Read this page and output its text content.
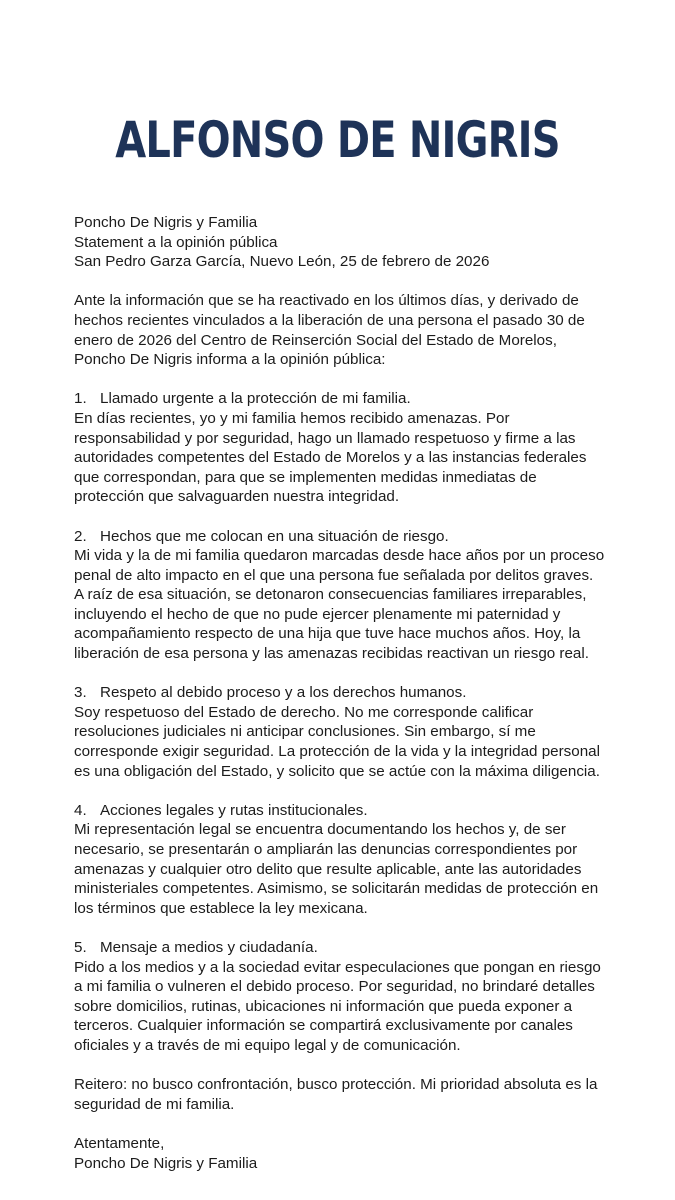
ALFONSO DE NIGRIS
Poncho De Nigris y Familia
Statement a la opinión pública
San Pedro Garza García, Nuevo León, 25 de febrero de 2026
Ante la información que se ha reactivado en los últimos días, y derivado de
hechos recientes vinculados a la liberación de una persona el pasado 30 de
enero de 2026 del Centro de Reinserción Social del Estado de Morelos,
Poncho De Nigris informa a la opinión pública:
1. Llamado urgente a la protección de mi familia.
En días recientes, yo y mi familia hemos recibido amenazas. Por
responsabilidad y por seguridad, hago un llamado respetuoso y firme a las
autoridades competentes del Estado de Morelos y a las instancias federales
que correspondan, para que se implementen medidas inmediatas de
protección que salvaguarden nuestra integridad.
2. Hechos que me colocan en una situación de riesgo.
Mi vida y la de mi familia quedaron marcadas desde hace años por un proceso
penal de alto impacto en el que una persona fue señalada por delitos graves.
A raíz de esa situación, se detonaron consecuencias familiares irreparables,
incluyendo el hecho de que no pude ejercer plenamente mi paternidad y
acompañamiento respecto de una hija que tuve hace muchos años. Hoy, la
liberación de esa persona y las amenazas recibidas reactivan un riesgo real.
3. Respeto al debido proceso y a los derechos humanos.
Soy respetuoso del Estado de derecho. No me corresponde calificar
resoluciones judiciales ni anticipar conclusiones. Sin embargo, sí me
corresponde exigir seguridad. La protección de la vida y la integridad personal
es una obligación del Estado, y solicito que se actúe con la máxima diligencia.
4. Acciones legales y rutas institucionales.
Mi representación legal se encuentra documentando los hechos y, de ser
necesario, se presentarán o ampliarán las denuncias correspondientes por
amenazas y cualquier otro delito que resulte aplicable, ante las autoridades
ministeriales competentes. Asimismo, se solicitarán medidas de protección en
los términos que establece la ley mexicana.
5. Mensaje a medios y ciudadanía.
Pido a los medios y a la sociedad evitar especulaciones que pongan en riesgo
a mi familia o vulneren el debido proceso. Por seguridad, no brindaré detalles
sobre domicilios, rutinas, ubicaciones ni información que pueda exponer a
terceros. Cualquier información se compartirá exclusivamente por canales
oficiales y a través de mi equipo legal y de comunicación.
Reitero: no busco confrontación, busco protección. Mi prioridad absoluta es la
seguridad de mi familia.
Atentamente,
Poncho De Nigris y Familia
